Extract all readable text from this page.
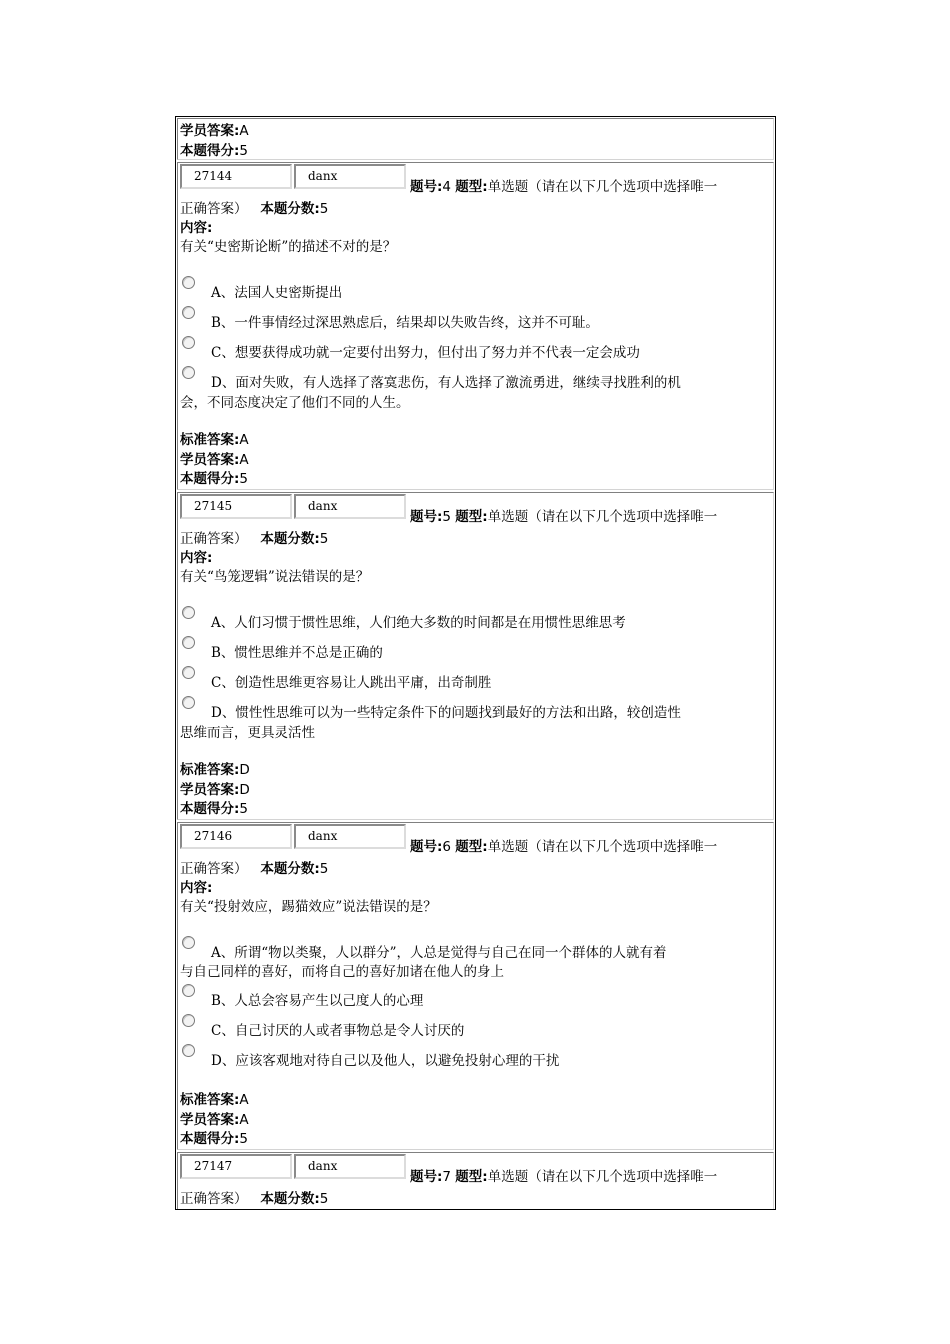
学员答案:A
本题得分:5
27144	danx
题号:4 题型:单选题（请在以下几个选项中选择唯一
正确答案） 本题分数:5
内容:
有关“史密斯论断”的描述不对的是？
A、法国人史密斯提出
B、一件事情经过深思熟虑后，结果却以失败告终，这并不可耻。
C、想要获得成功就一定要付出努力，但付出了努力并不代表一定会成功
D、面对失败，有人选择了落寞悲伤，有人选择了激流勇进，继续寻找胜利的机
会，不同态度决定了他们不同的人生。
标准答案:A
学员答案:A
本题得分:5
27145	danx
题号:5 题型:单选题（请在以下几个选项中选择唯一
正确答案） 本题分数:5
内容:
有关“鸟笼逻辑”说法错误的是？
A、人们习惯于惯性思维，人们绝大多数的时间都是在用惯性思维思考
B、惯性思维并不总是正确的
C、创造性思维更容易让人跳出平庸，出奇制胜
D、惯性性思维可以为一些特定条件下的问题找到最好的方法和出路，较创造性
思维而言，更具灵活性
标准答案:D
学员答案:D
本题得分:5
27146	danx
题号:6 题型:单选题（请在以下几个选项中选择唯一
正确答案） 本题分数:5
内容:
有关“投射效应，踢猫效应”说法错误的是？
A、所谓“物以类聚，人以群分”，人总是觉得与自己在同一个群体的人就有着
与自己同样的喜好，而将自己的喜好加诸在他人的身上
B、人总会容易产生以己度人的心理
C、自己讨厌的人或者事物总是令人讨厌的
D、应该客观地对待自己以及他人，以避免投射心理的干扰
标准答案:A
学员答案:A
本题得分:5
27147	danx
题号:7 题型:单选题（请在以下几个选项中选择唯一
正确答案） 本题分数:5
